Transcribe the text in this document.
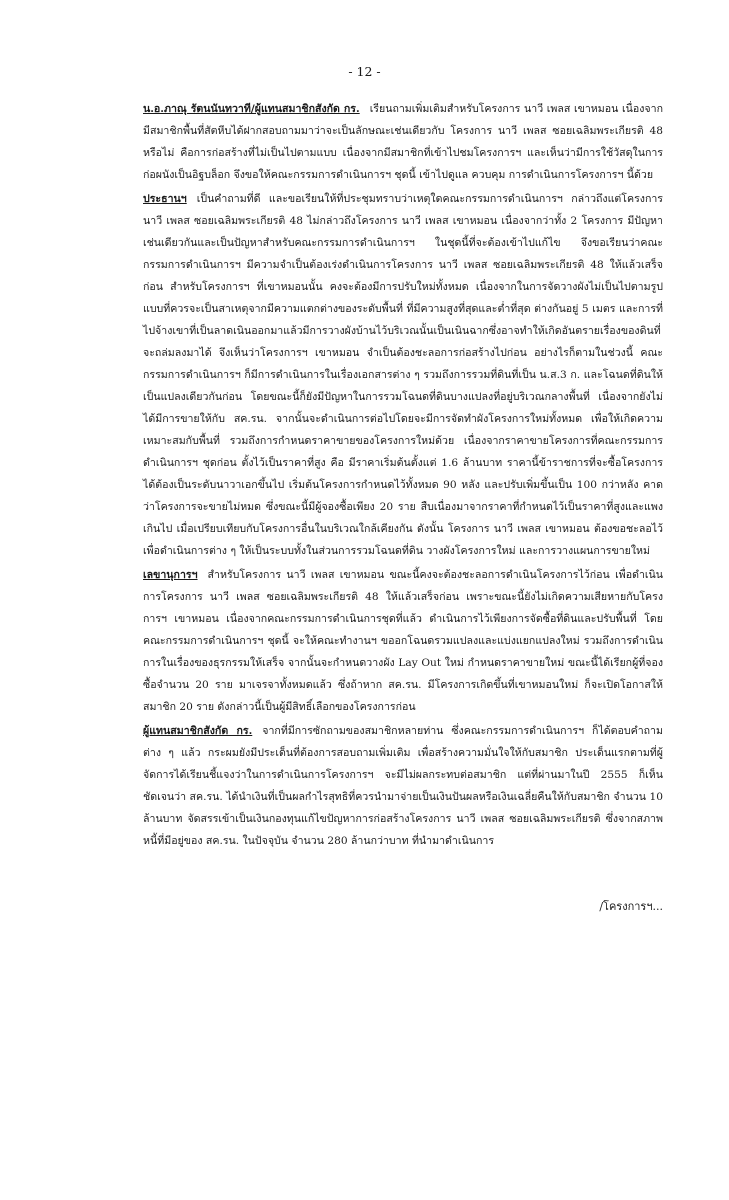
- 12 -

น.อ.ภาณุ รัตนนันทวาที/ผู้แทนสมาชิกสังกัด กร. เรียนถามเพิ่มเติมสำหรับโครงการ นาวี เพลส เขาหมอน เนื่องจากมีสมาชิกพื้นที่สัตหีบได้ฝากสอบถามมาว่าจะเป็นลักษณะเช่นเดียวกับ โครงการ นาวี เพลส ซอยเฉลิมพระเกียรติ 48 หรือไม่ คือการก่อสร้างที่ไม่เป็นไปตามแบบ เนื่องจากมีสมาชิกที่เข้าไปชมโครงการฯ และเห็นว่ามีการใช้วัสดุในการก่อผนังเป็นอิฐบล็อก จึงขอให้คณะกรรมการดำเนินการฯ ชุดนี้ เข้าไปดูแล ควบคุม การดำเนินการโครงการฯ นี้ด้วย

ประธานฯ เป็นคำถามที่ดี และขอเรียนให้ที่ประชุมทราบว่าเหตุใดคณะกรรมการดำเนินการฯ กล่าวถึงแต่โครงการ นาวี เพลส ซอยเฉลิมพระเกียรติ 48 ไม่กล่าวถึงโครงการ นาวี เพลส เขาหมอน เนื่องจากว่าทั้ง 2 โครงการ มีปัญหาเช่นเดียวกันและเป็นปัญหาสำหรับคณะกรรมการดำเนินการฯ ในชุดนี้ที่จะต้องเข้าไปแก้ไข จึงขอเรียนว่าคณะกรรมการดำเนินการฯ มีความจำเป็นต้องเร่งดำเนินการโครงการ นาวี เพลส ซอยเฉลิมพระเกียรติ 48 ให้แล้วเสร็จก่อน สำหรับโครงการฯ ที่เขาหมอนนั้น คงจะต้องมีการปรับใหม่ทั้งหมด เนื่องจากในการจัดวางผังไม่เป็นไปตามรูปแบบที่ควรจะเป็นสาเหตุจากมีความแตกต่างของระดับพื้นที่ ที่มีความสูงที่สุดและต่ำที่สุด ต่างกันอยู่ 5 เมตร และการที่ไปจ้างเขาที่เป็นลาดเนินออกมาแล้วมีการวางผังบ้านไว้บริเวณนั้นเป็นเนินฉากซึ่งอาจทำให้เกิดอันตรายเรื่องของดินที่จะถล่มลงมาได้ จึงเห็นว่าโครงการฯ เขาหมอน จำเป็นต้องชะลอการก่อสร้างไปก่อน อย่างไรก็ตามในช่วงนี้ คณะกรรมการดำเนินการฯ ก็มีการดำเนินการในเรื่องเอกสารต่าง ๆ รวมถึงการรวมที่ดินที่เป็น น.ส.3 ก. และโฉนดที่ดินให้เป็นแปลงเดียวกันก่อน โดยขณะนี้ก็ยังมีปัญหาในการรวมโฉนดที่ดินบางแปลงที่อยู่บริเวณกลางพื้นที่ เนื่องจากยังไม่ได้มีการขายให้กับ สค.รน. จากนั้นจะดำเนินการต่อไปโดยจะมีการจัดทำผังโครงการใหม่ทั้งหมด เพื่อให้เกิดความเหมาะสมกับพื้นที่ รวมถึงการกำหนดราคาขายของโครงการใหม่ด้วย เนื่องจากราคาขายโครงการที่คณะกรรมการดำเนินการฯ ชุดก่อน ตั้งไว้เป็นราคาที่สูง คือ มีราคาเริ่มต้นตั้งแต่ 1.6 ล้านบาท ราคานี้ข้าราชการที่จะซื้อโครงการได้ต้องเป็นระดับนาวาเอกขึ้นไป เริ่มต้นโครงการกำหนดไว้ทั้งหมด 90 หลัง และปรับเพิ่มขึ้นเป็น 100 กว่าหลัง คาดว่าโครงการจะขายไม่หมด ซึ่งขณะนี้มีผู้จองซื้อเพียง 20 ราย สืบเนื่องมาจากราคาที่กำหนดไว้เป็นราคาที่สูงและแพงเกินไป เมื่อเปรียบเทียบกับโครงการอื่นในบริเวณใกล้เคียงกัน ดังนั้น โครงการ นาวี เพลส เขาหมอน ต้องขอชะลอไว้เพื่อดำเนินการต่าง ๆ ให้เป็นระบบทั้งในส่วนการรวมโฉนดที่ดิน วางผังโครงการใหม่ และการวางแผนการขายใหม่

เลขานุการฯ สำหรับโครงการ นาวี เพลส เขาหมอน ขณะนี้คงจะต้องชะลอการดำเนินโครงการไว้ก่อน เพื่อดำเนินการโครงการ นาวี เพลส ซอยเฉลิมพระเกียรติ 48 ให้แล้วเสร็จก่อน เพราะขณะนี้ยังไม่เกิดความเสียหายกับโครงการฯ เขาหมอน เนื่องจากคณะกรรมการดำเนินการชุดที่แล้ว ดำเนินการไว้เพียงการจัดซื้อที่ดินและปรับพื้นที่ โดยคณะกรรมการดำเนินการฯ ชุดนี้ จะให้คณะทำงานฯ ขออกโฉนดรวมแปลงและแบ่งแยกแปลงใหม่ รวมถึงการดำเนินการในเรื่องของธุรกรรมให้เสร็จ จากนั้นจะกำหนดวางผัง Lay Out ใหม่ กำหนดราคาขายใหม่ ขณะนี้ได้เรียกผู้ที่จองซื้อจำนวน 20 ราย มาเจรจาทั้งหมดแล้ว ซึ่งถ้าหาก สค.รน. มีโครงการเกิดขึ้นที่เขาหมอนใหม่ ก็จะเปิดโอกาสให้สมาชิก 20 ราย ดังกล่าวนี้เป็นผู้มีสิทธิ์เลือกของโครงการก่อน

ผู้แทนสมาชิกสังกัด กร. จากที่มีการซักถามของสมาชิกหลายท่าน ซึ่งคณะกรรมการดำเนินการฯ ก็ได้ตอบคำถามต่าง ๆ แล้ว กระผมยังมีประเด็นที่ต้องการสอบถามเพิ่มเติม เพื่อสร้างความมั่นใจให้กับสมาชิก ประเด็นแรกตามที่ผู้จัดการได้เรียนชี้แจงว่าในการดำเนินการโครงการฯ จะมีไม่ผลกระทบต่อสมาชิก แต่ที่ผ่านมาในปี 2555 ก็เห็นชัดเจนว่า สค.รน. ได้นำเงินที่เป็นผลกำไรสุทธิที่ควรนำมาจ่ายเป็นเงินปันผลหรือเงินเฉลี่ยคืนให้กับสมาชิก จำนวน 10 ล้านบาท จัดสรรเข้าเป็นเงินกองทุนแก้ไขปัญหาการก่อสร้างโครงการ นาวี เพลส ซอยเฉลิมพระเกียรติ ซึ่งจากสภาพหนี้ที่มีอยู่ของ สค.รน. ในปัจจุบัน จำนวน 280 ล้านกว่าบาท ที่นำมาดำเนินการ

/โครงการฯ...
